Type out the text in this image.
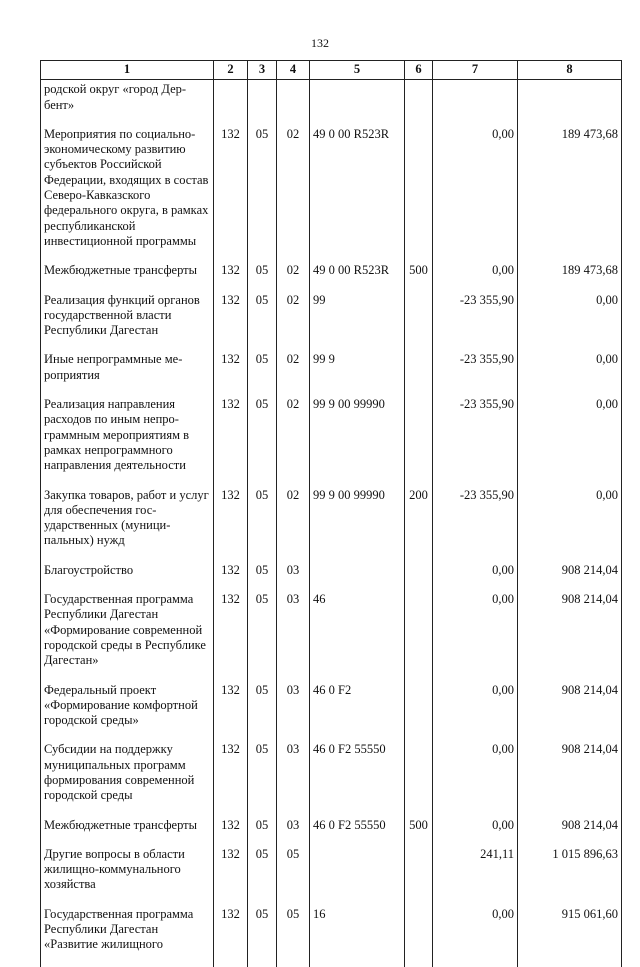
132
1	2	3	4	5	6	7	8
родской округ «город Дербент»							
Мероприятия по социально-экономическому развитию субъектов Российской Федерации, входящих в состав Северо-Кавказского федерального округа, в рамках республиканской инвестиционной программы	132	05	02	49 0 00 R523R		0,00	189 473,68
Межбюджетные трансферты	132	05	02	49 0 00 R523R	500	0,00	189 473,68
Реализация функций органов государственной власти Республики Дагестан	132	05	02	99		-23 355,90	0,00
Иные непрограммные мероприятия	132	05	02	99 9		-23 355,90	0,00
Реализация направления расходов по иным непрограммным мероприятиям в рамках непрограммного направления деятельности	132	05	02	99 9 00 99990		-23 355,90	0,00
Закупка товаров, работ и услуг для обеспечения государственных (муниципальных) нужд	132	05	02	99 9 00 99990	200	-23 355,90	0,00
Благоустройство	132	05	03			0,00	908 214,04
Государственная программа Республики Дагестан «Формирование современной городской среды в Республике Дагестан»	132	05	03	46		0,00	908 214,04
Федеральный проект «Формирование комфортной городской среды»	132	05	03	46 0 F2		0,00	908 214,04
Субсидии на поддержку муниципальных программ формирования современной городской среды	132	05	03	46 0 F2 55550		0,00	908 214,04
Межбюджетные трансферты	132	05	03	46 0 F2 55550	500	0,00	908 214,04
Другие вопросы в области жилищно-коммунального хозяйства	132	05	05			241,11	1 015 896,63
Государственная программа Республики Дагестан «Развитие жилищного	132	05	05	16		0,00	915 061,60
